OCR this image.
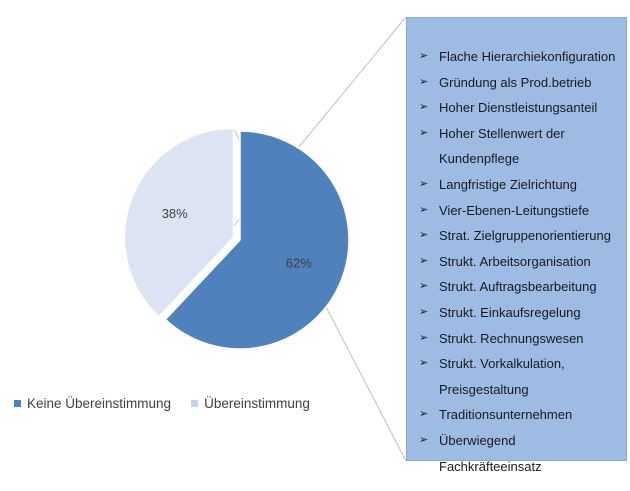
62%
38%
Keine Übereinstimmung Übereinstimmung
➢ Flache Hierarchiekonfiguration
➢ Gründung als Prod.betrieb
➢ Hoher Dienstleistungsanteil
➢ Hoher Stellenwert der Kundenpflege
➢ Langfristige Zielrichtung
➢ Vier-Ebenen-Leitungstiefe
➢ Strat. Zielgruppenorientierung
➢ Strukt. Arbeitsorganisation
➢ Strukt. Auftragsbearbeitung
➢ Strukt. Einkaufsregelung
➢ Strukt. Rechnungswesen
➢ Strukt. Vorkalkulation, Preisgestaltung
➢ Traditionsunternehmen
➢ Überwiegend Fachkräfteeinsatz
